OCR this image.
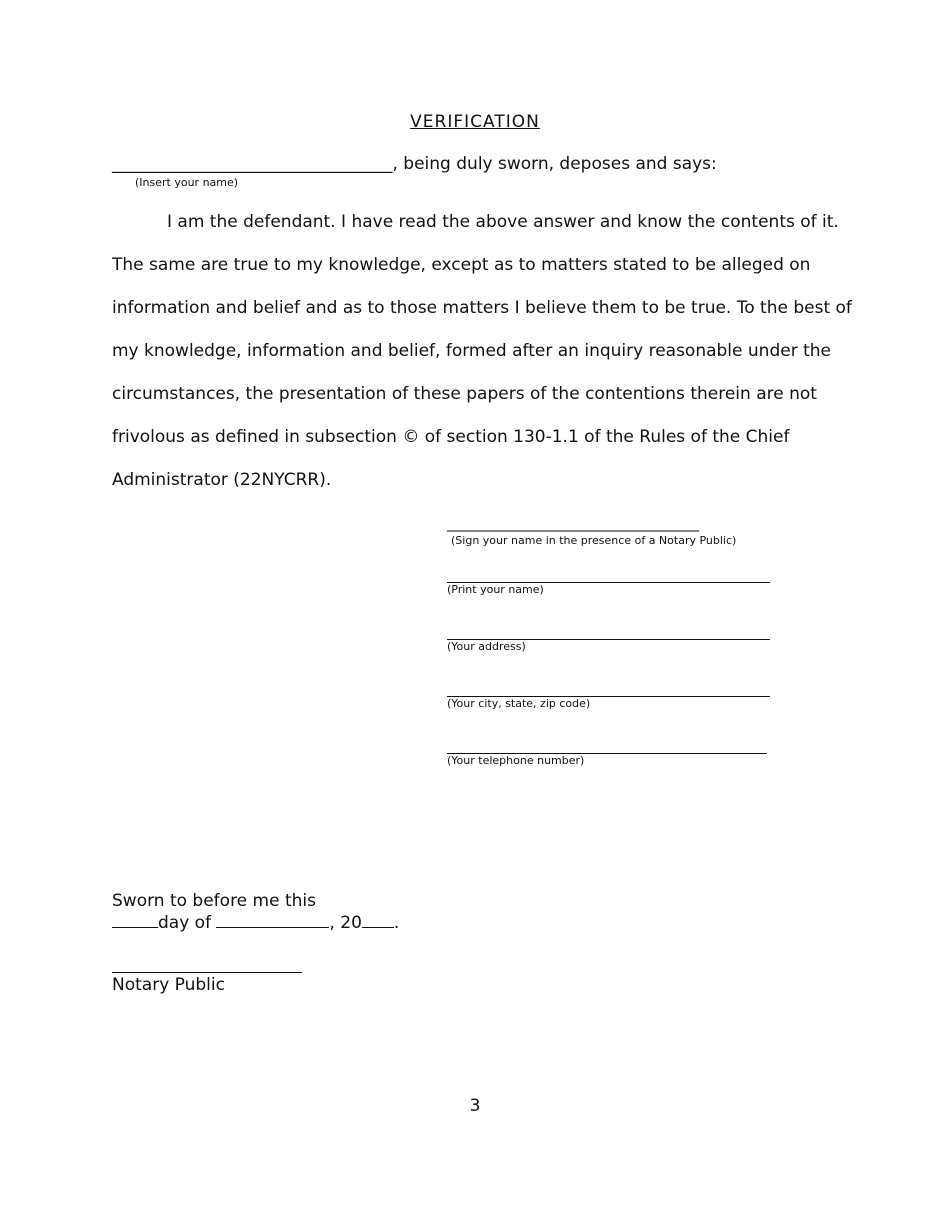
VERIFICATION
_________________________________, being duly sworn, deposes and says:
(Insert your name)
I am the defendant. I have read the above answer and know the contents of it.
The same are true to my knowledge, except as to matters stated to be alleged on
information and belief and as to those matters I believe them to be true. To the best of
my knowledge, information and belief, formed after an inquiry reasonable under the
circumstances, the presentation of these papers of the contentions therein are not
frivolous as defined in subsection © of section 130-1.1 of the Rules of the Chief
Administrator (22NYCRR).
____________________________________
(Sign your name in the presence of a Notary Public)
(Print your name)
(Your address)
(Your city, state, zip code)
(Your telephone number)
Sworn to before me this
day of	, 20 .
Notary Public
3
